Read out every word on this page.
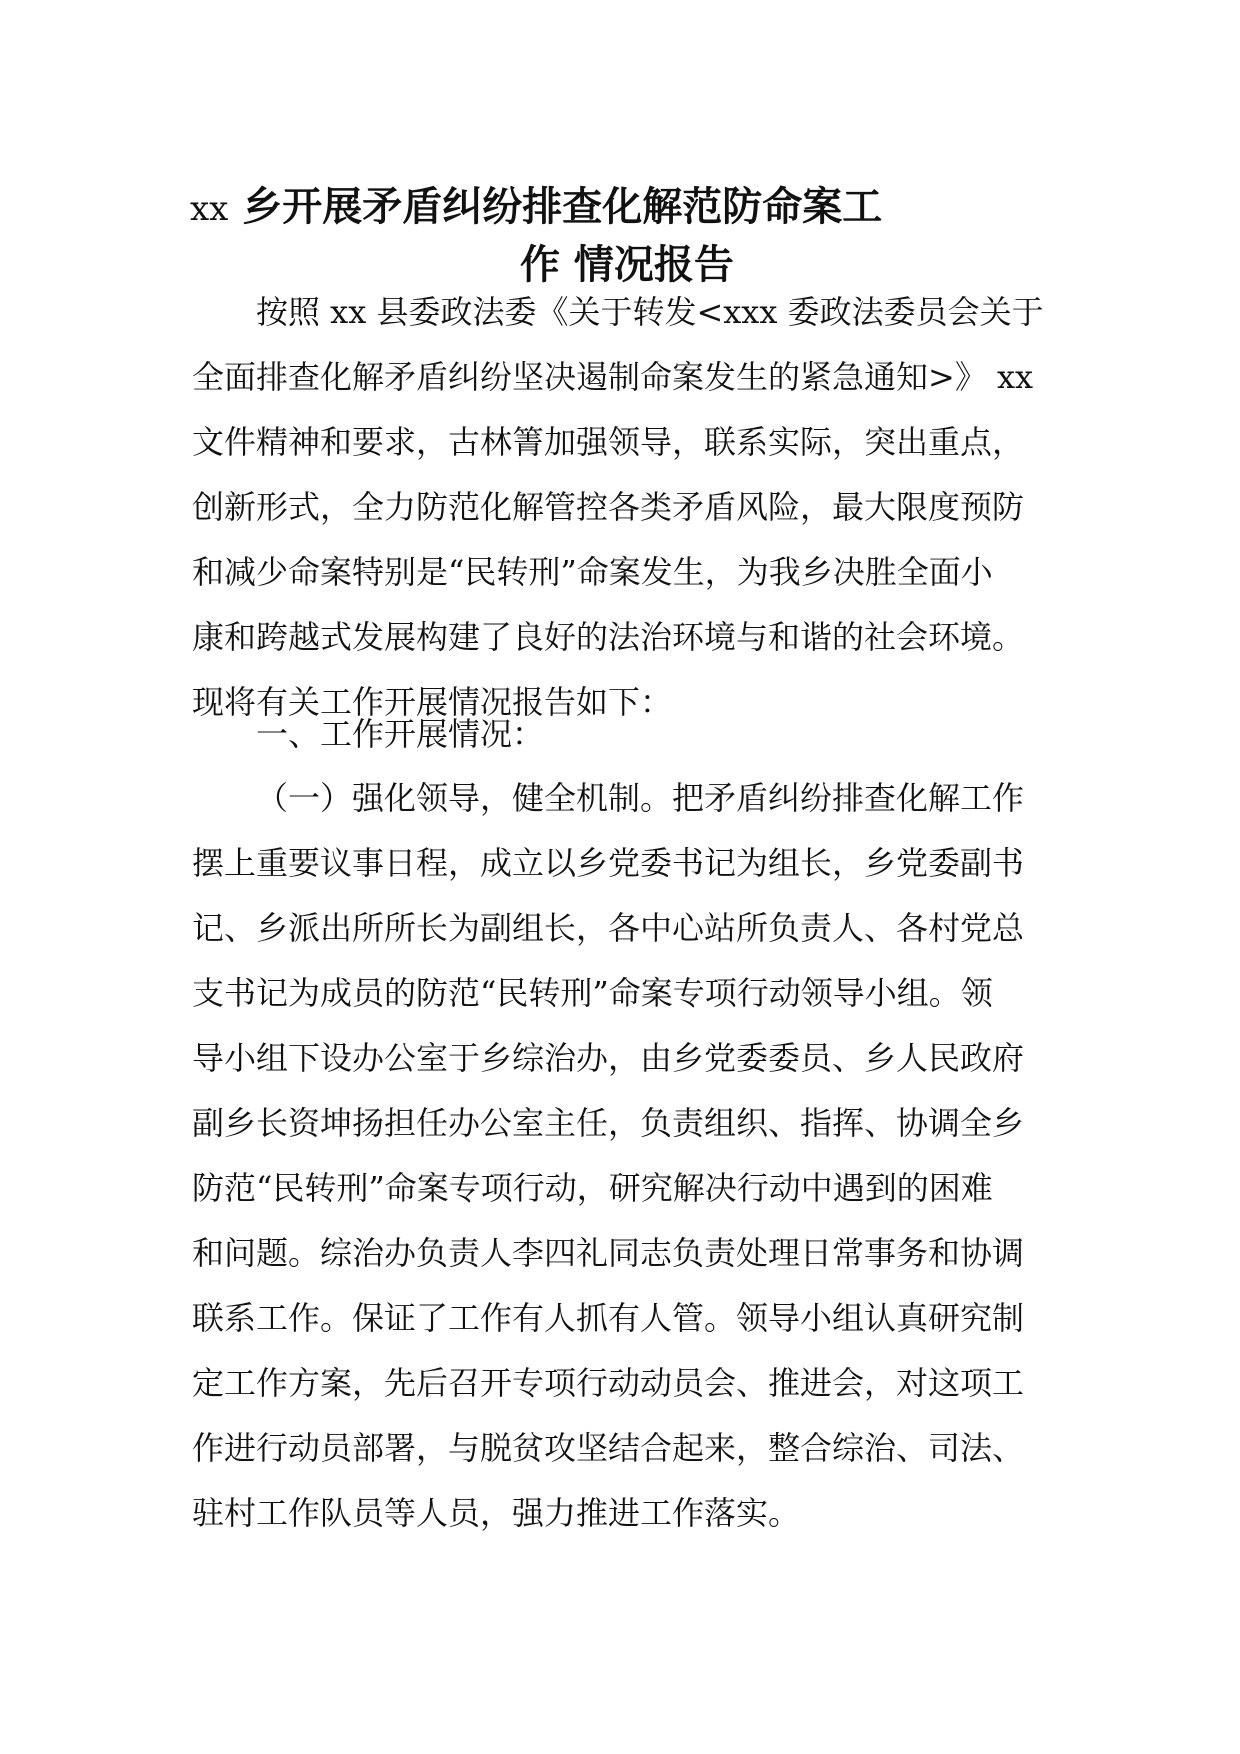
xx 乡开展矛盾纠纷排查化解范防命案工
作 情况报告
按照 xx 县委政法委《关于转发<xxx 委政法委员会关于
全面排查化解矛盾纠纷坚决遏制命案发生的紧急通知>》 xx
文件精神和要求，古林箐加强领导，联系实际，突出重点，
创新形式，全力防范化解管控各类矛盾风险，最大限度预防
和减少命案特别是“民转刑”命案发生，为我乡决胜全面小
康和跨越式发展构建了良好的法治环境与和谐的社会环境。
现将有关工作开展情况报告如下：
一、工作开展情况：
（一）强化领导，健全机制。把矛盾纠纷排查化解工作
摆上重要议事日程，成立以乡党委书记为组长，乡党委副书
记、乡派出所所长为副组长，各中心站所负责人、各村党总
支书记为成员的防范“民转刑”命案专项行动领导小组。领
导小组下设办公室于乡综治办，由乡党委委员、乡人民政府
副乡长资坤扬担任办公室主任，负责组织、指挥、协调全乡
防范“民转刑”命案专项行动，研究解决行动中遇到的困难
和问题。综治办负责人李四礼同志负责处理日常事务和协调
联系工作。保证了工作有人抓有人管。领导小组认真研究制
定工作方案，先后召开专项行动动员会、推进会，对这项工
作进行动员部署，与脱贫攻坚结合起来，整合综治、司法、
驻村工作队员等人员，强力推进工作落实。
